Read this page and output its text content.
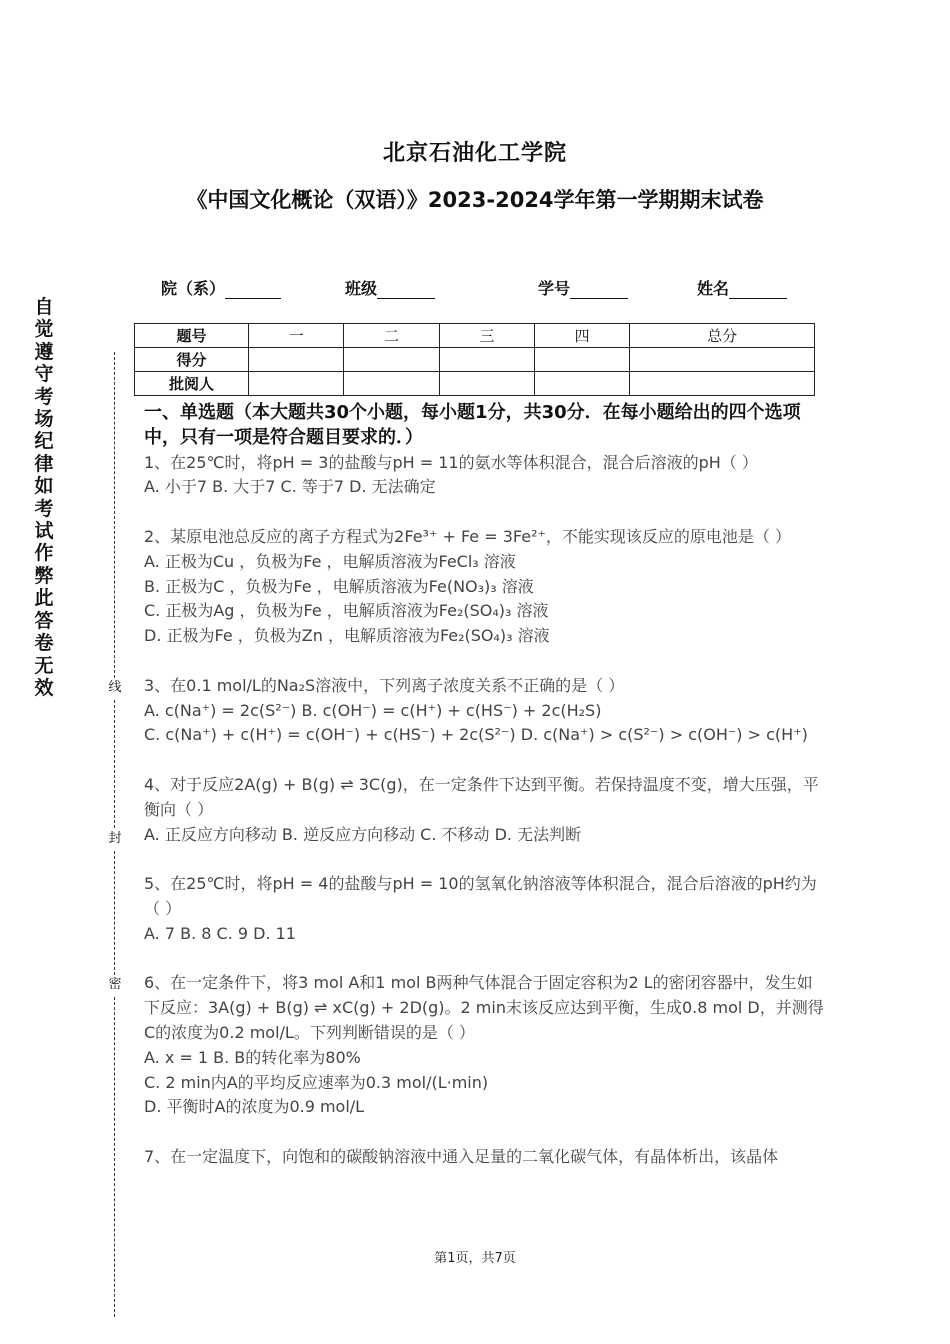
北京石油化工学院
《中国文化概论（双语）》2023-2024学年第一学期期末试卷
院（系）	班级	学号	姓名
题号	一	二	三	四	总分
得分					
批阅人					
自觉遵守考场纪律如考试作弊此答卷无效	线
封
密
一、单选题（本大题共30个小题，每小题1分，共30分．在每小题给出的四个选项中，只有一项是符合题目要求的．）
1、在25℃时，将pH = 3的盐酸与pH = 11的氨水等体积混合，混合后溶液的pH（ ）
A. 小于7 B. 大于7 C. 等于7 D. 无法确定
2、某原电池总反应的离子方程式为2Fe³⁺ + Fe = 3Fe²⁺，不能实现该反应的原电池是（ ）
A. 正极为Cu ，负极为Fe ，电解质溶液为FeCl₃ 溶液
B. 正极为C ，负极为Fe ，电解质溶液为Fe(NO₃)₃ 溶液
C. 正极为Ag ，负极为Fe ，电解质溶液为Fe₂(SO₄)₃ 溶液
D. 正极为Fe ，负极为Zn ，电解质溶液为Fe₂(SO₄)₃ 溶液
3、在0.1 mol/L的Na₂S溶液中，下列离子浓度关系不正确的是（ ）
A. c(Na⁺) = 2c(S²⁻) B. c(OH⁻) = c(H⁺) + c(HS⁻) + 2c(H₂S)
C. c(Na⁺) + c(H⁺) = c(OH⁻) + c(HS⁻) + 2c(S²⁻) D. c(Na⁺) > c(S²⁻) > c(OH⁻) > c(H⁺)
4、对于反应2A(g) + B(g) ⇌ 3C(g)，在一定条件下达到平衡。若保持温度不变，增大压强，平衡向（ ）
A. 正反应方向移动 B. 逆反应方向移动 C. 不移动 D. 无法判断
5、在25℃时，将pH = 4的盐酸与pH = 10的氢氧化钠溶液等体积混合，混合后溶液的pH约为（ ）
A. 7 B. 8 C. 9 D. 11
6、在一定条件下，将3 mol A和1 mol B两种气体混合于固定容积为2 L的密闭容器中，发生如下反应：3A(g) + B(g) ⇌ xC(g) + 2D(g)。2 min末该反应达到平衡，生成0.8 mol D，并测得C的浓度为0.2 mol/L。下列判断错误的是（ ）
A. x = 1 B. B的转化率为80%
C. 2 min内A的平均反应速率为0.3 mol/(L·min)
D. 平衡时A的浓度为0.9 mol/L
7、在一定温度下，向饱和的碳酸钠溶液中通入足量的二氧化碳气体，有晶体析出，该晶体
第1页，共7页
